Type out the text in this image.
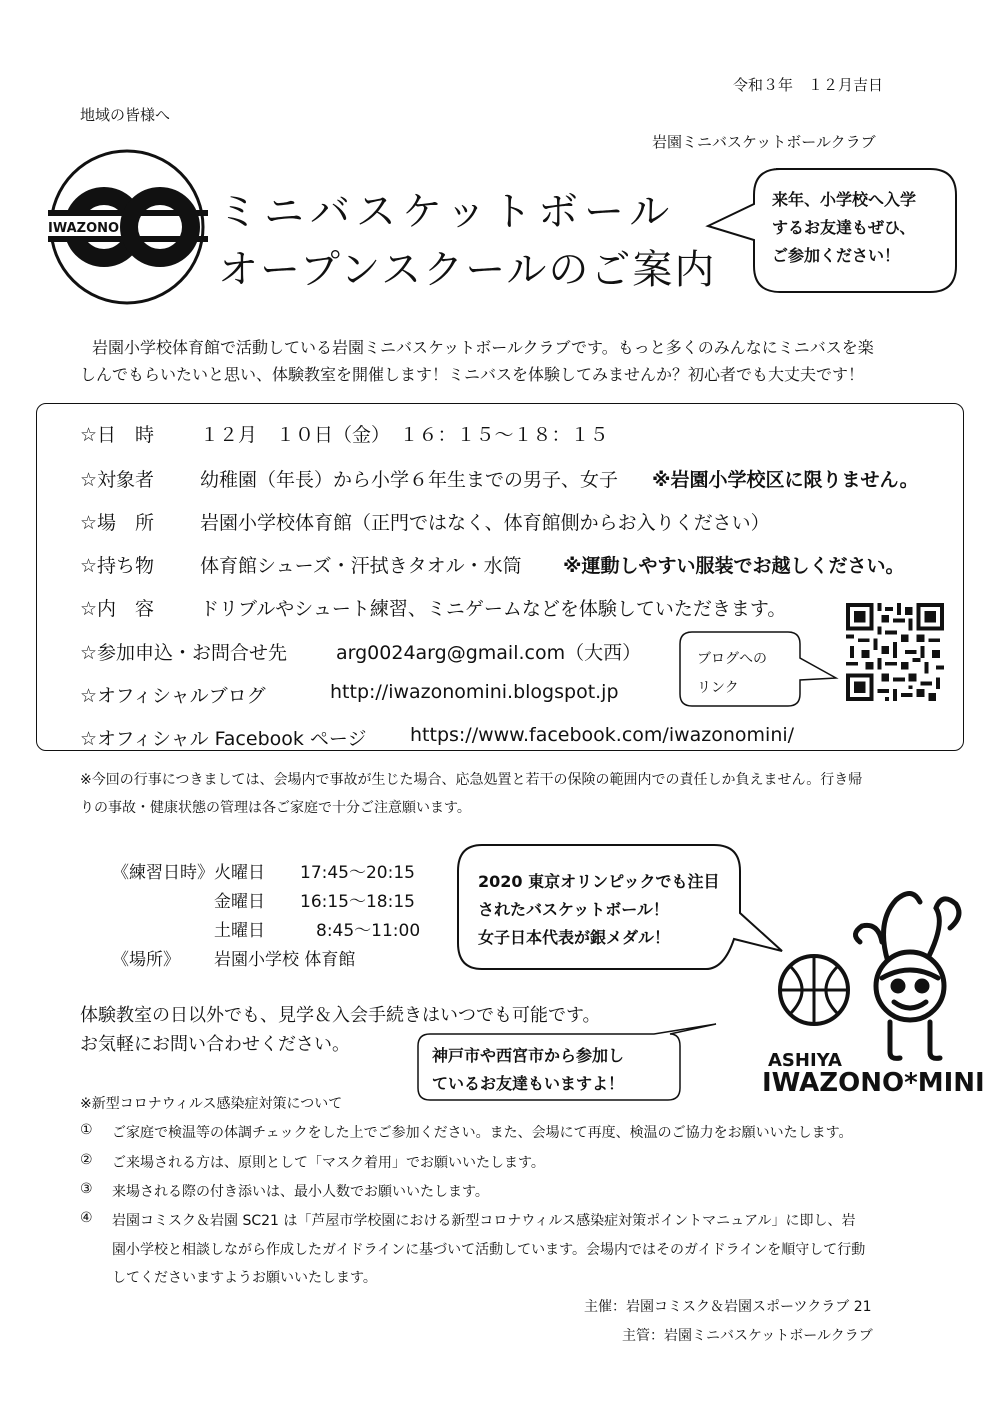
令和３年　１２月吉日
地域の皆様へ
岩園ミニバスケットボールクラブ
IWAZONO ミニバスケットボール
オープンスクールのご案内
来年、小学校へ入学
するお友達もぜひ、
ご参加ください！
岩園小学校体育館で活動している岩園ミニバスケットボールクラブです。もっと多くのみんなにミニバスを楽
しんでもらいたいと思い、体験教室を開催します！ミニバスを体験してみませんか？初心者でも大丈夫です！
☆日　時 １２月　１０日（金）　１６：１５〜１８：１５
☆対象者 幼稚園（年長）から小学６年生までの男子、女子 ※岩園小学校区に限りません。
☆場　所 岩園小学校体育館（正門ではなく、体育館側からお入りください）
☆持ち物 体育館シューズ・汗拭きタオル・水筒 ※運動しやすい服装でお越しください。
☆内　容 ドリブルやシュート練習、ミニゲームなどを体験していただきます。
☆参加申込・お問合せ先	arg0024arg@gmail.com（大西）
☆オフィシャルブログ	http://iwazonomini.blogspot.jp
☆オフィシャル Facebook ページ https://www.facebook.com/iwazonomini/
ブログへの
リンク
※今回の行事につきましては、会場内で事故が生じた場合、応急処置と若干の保険の範囲内での責任しか負えません。行き帰
りの事故・健康状態の管理は各ご家庭で十分ご注意願います。
《練習日時》 火曜日 17:45〜20:15
金曜日 16:15〜18:15
土曜日	8:45〜11:00
《場所》 岩園小学校 体育館
2020 東京オリンピックでも注目
されたバスケットボール！
女子日本代表が銀メダル！
体験教室の日以外でも、見学＆入会手続きはいつでも可能です。
お気軽にお問い合わせください。
神戸市や西宮市から参加し
ているお友達もいますよ！
ASHIYA
IWAZONO*MINI
※新型コロナウィルス感染症対策について
① ご家庭で検温等の体調チェックをした上でご参加ください。また、会場にて再度、検温のご協力をお願いいたします。
② ご来場される方は、原則として「マスク着用」でお願いいたします。
③ 来場される際の付き添いは、最小人数でお願いいたします。
④ 岩園コミスク＆岩園 SC21 は「芦屋市学校園における新型コロナウィルス感染症対策ポイントマニュアル」に即し、岩
園小学校と相談しながら作成したガイドラインに基づいて活動しています。会場内ではそのガイドラインを順守して行動
してくださいますようお願いいたします。
主催：岩園コミスク＆岩園スポーツクラブ 21
主管：岩園ミニバスケットボールクラブ
